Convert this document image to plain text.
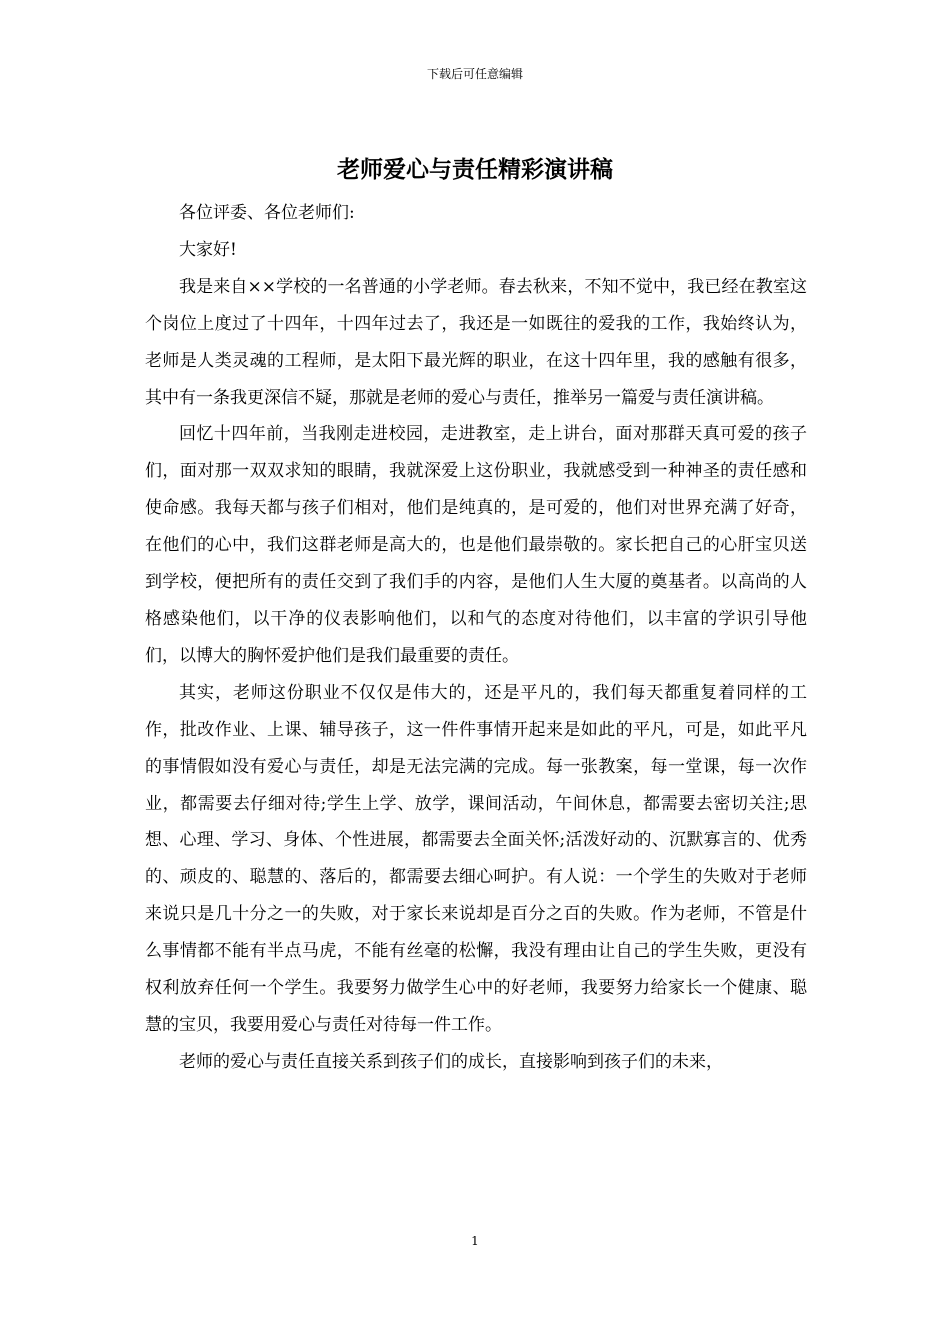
下载后可任意编辑
老师爱心与责任精彩演讲稿

各位评委、各位老师们:

大家好!

我是来自××学校的一名普通的小学老师。春去秋来，不知不觉中，我已经在教室这个岗位上度过了十四年，十四年过去了，我还是一如既往的爱我的工作，我始终认为，老师是人类灵魂的工程师，是太阳下最光辉的职业，在这十四年里，我的感触有很多，其中有一条我更深信不疑，那就是老师的爱心与责任，推举另一篇爱与责任演讲稿。

回忆十四年前，当我刚走进校园，走进教室，走上讲台，面对那群天真可爱的孩子们，面对那一双双求知的眼睛，我就深爱上这份职业，我就感受到一种神圣的责任感和使命感。我每天都与孩子们相对，他们是纯真的，是可爱的，他们对世界充满了好奇，在他们的心中，我们这群老师是高大的，也是他们最崇敬的。家长把自己的心肝宝贝送到学校，便把所有的责任交到了我们手的内容，是他们人生大厦的奠基者。以高尚的人格感染他们，以干净的仪表影响他们，以和气的态度对待他们，以丰富的学识引导他们，以博大的胸怀爱护他们是我们最重要的责任。

其实，老师这份职业不仅仅是伟大的，还是平凡的，我们每天都重复着同样的工作，批改作业、上课、辅导孩子，这一件件事情开起来是如此的平凡，可是，如此平凡的事情假如没有爱心与责任，却是无法完满的完成。每一张教案，每一堂课，每一次作业，都需要去仔细对待;学生上学、放学，课间活动，午间休息，都需要去密切关注;思想、心理、学习、身体、个性进展，都需要去全面关怀;活泼好动的、沉默寡言的、优秀的、顽皮的、聪慧的、落后的，都需要去细心呵护。有人说：一个学生的失败对于老师来说只是几十分之一的失败，对于家长来说却是百分之百的失败。作为老师，不管是什么事情都不能有半点马虎，不能有丝毫的松懈，我没有理由让自己的学生失败，更没有权利放弃任何一个学生。我要努力做学生心中的好老师，我要努力给家长一个健康、聪慧的宝贝，我要用爱心与责任对待每一件工作。

老师的爱心与责任直接关系到孩子们的成长，直接影响到孩子们的未来，

1
